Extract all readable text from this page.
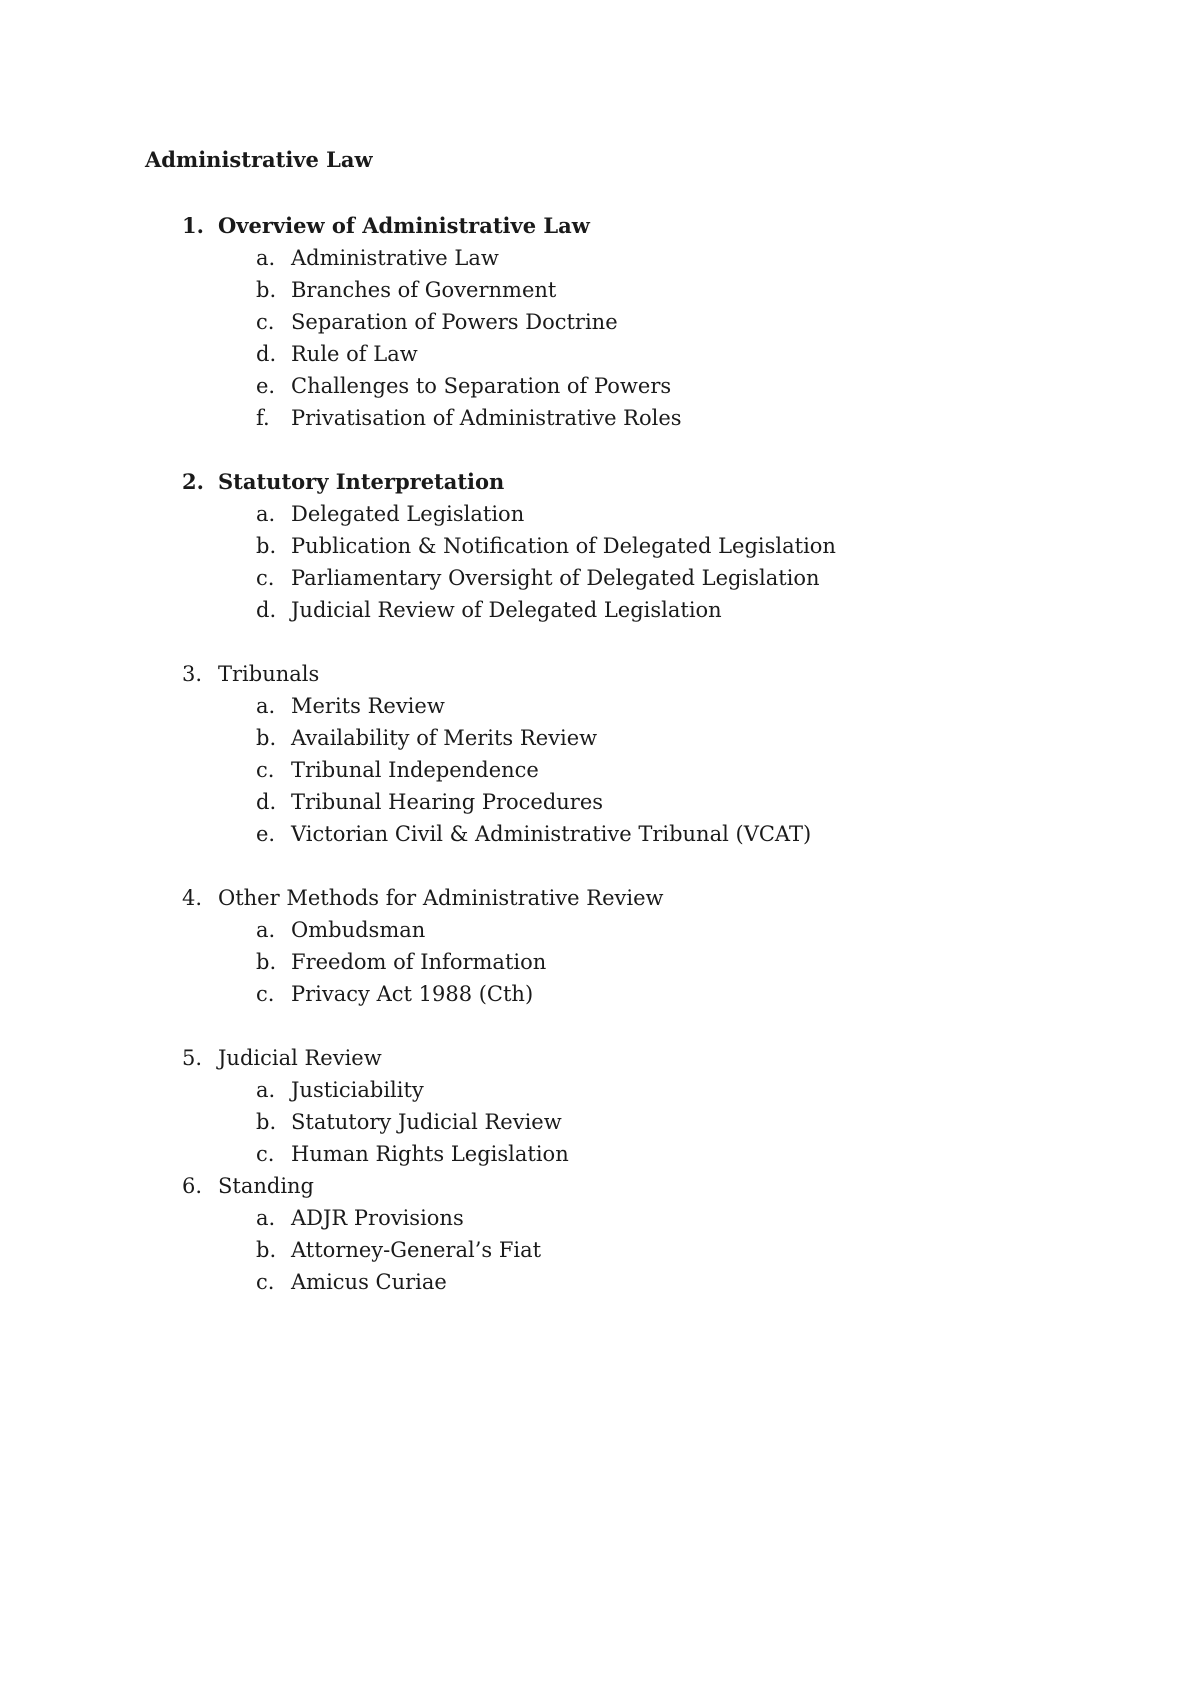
Administrative Law
1. Overview of Administrative Law
a. Administrative Law
b. Branches of Government
c. Separation of Powers Doctrine
d. Rule of Law
e. Challenges to Separation of Powers
f. Privatisation of Administrative Roles
2. Statutory Interpretation
a. Delegated Legislation
b. Publication & Notification of Delegated Legislation
c. Parliamentary Oversight of Delegated Legislation
d. Judicial Review of Delegated Legislation
3. Tribunals
a. Merits Review
b. Availability of Merits Review
c. Tribunal Independence
d. Tribunal Hearing Procedures
e. Victorian Civil & Administrative Tribunal (VCAT)
4. Other Methods for Administrative Review
a. Ombudsman
b. Freedom of Information
c. Privacy Act 1988 (Cth)
5. Judicial Review
a. Justiciability
b. Statutory Judicial Review
c. Human Rights Legislation
6. Standing
a. ADJR Provisions
b. Attorney-General’s Fiat
c. Amicus Curiae
